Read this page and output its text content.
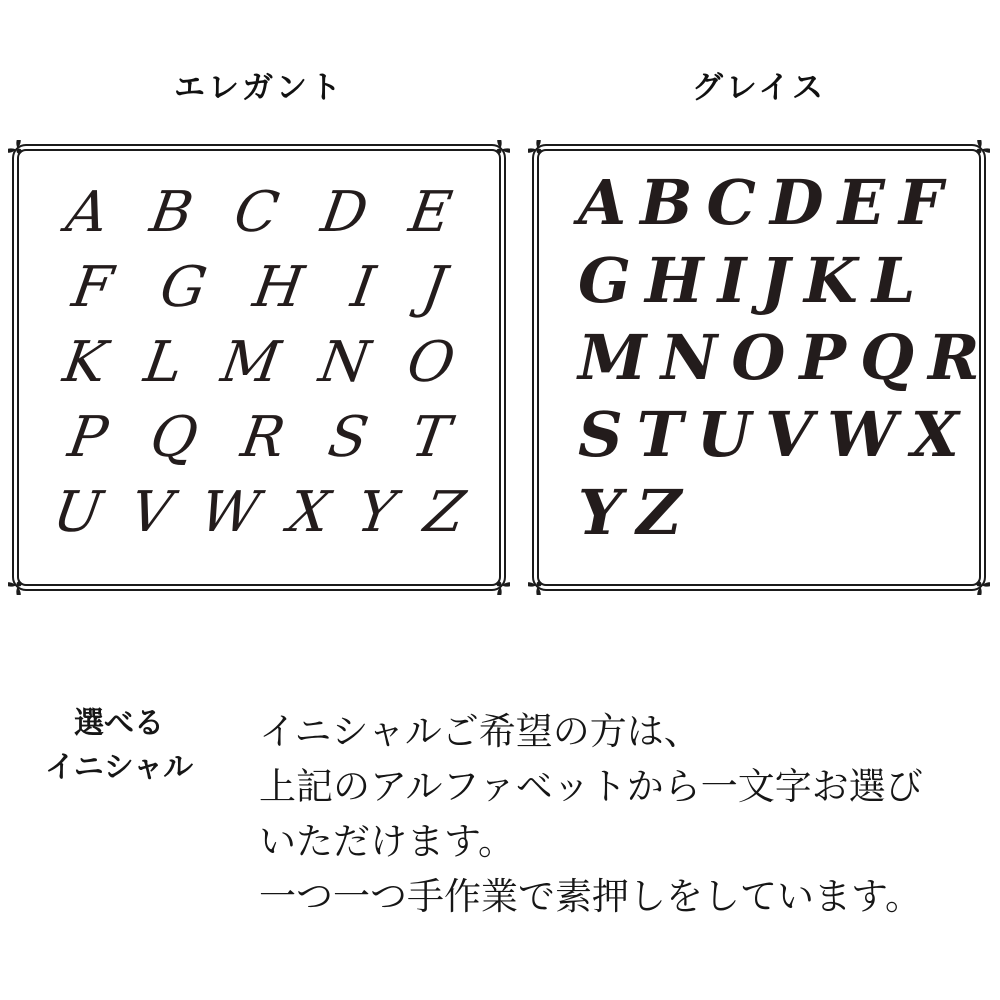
エレガント	グレイス
A B C D E
F G H I J
K L M N O
P Q R S T
U V W X Y Z
A B C D E F
G H I J K L
M N O P Q R
S T U V W X
Y Z
選べる
イニシャル
イニシャルご希望の方は、
上記のアルファベットから一文字お選び
いただけます。
一つ一つ手作業で素押しをしています。
